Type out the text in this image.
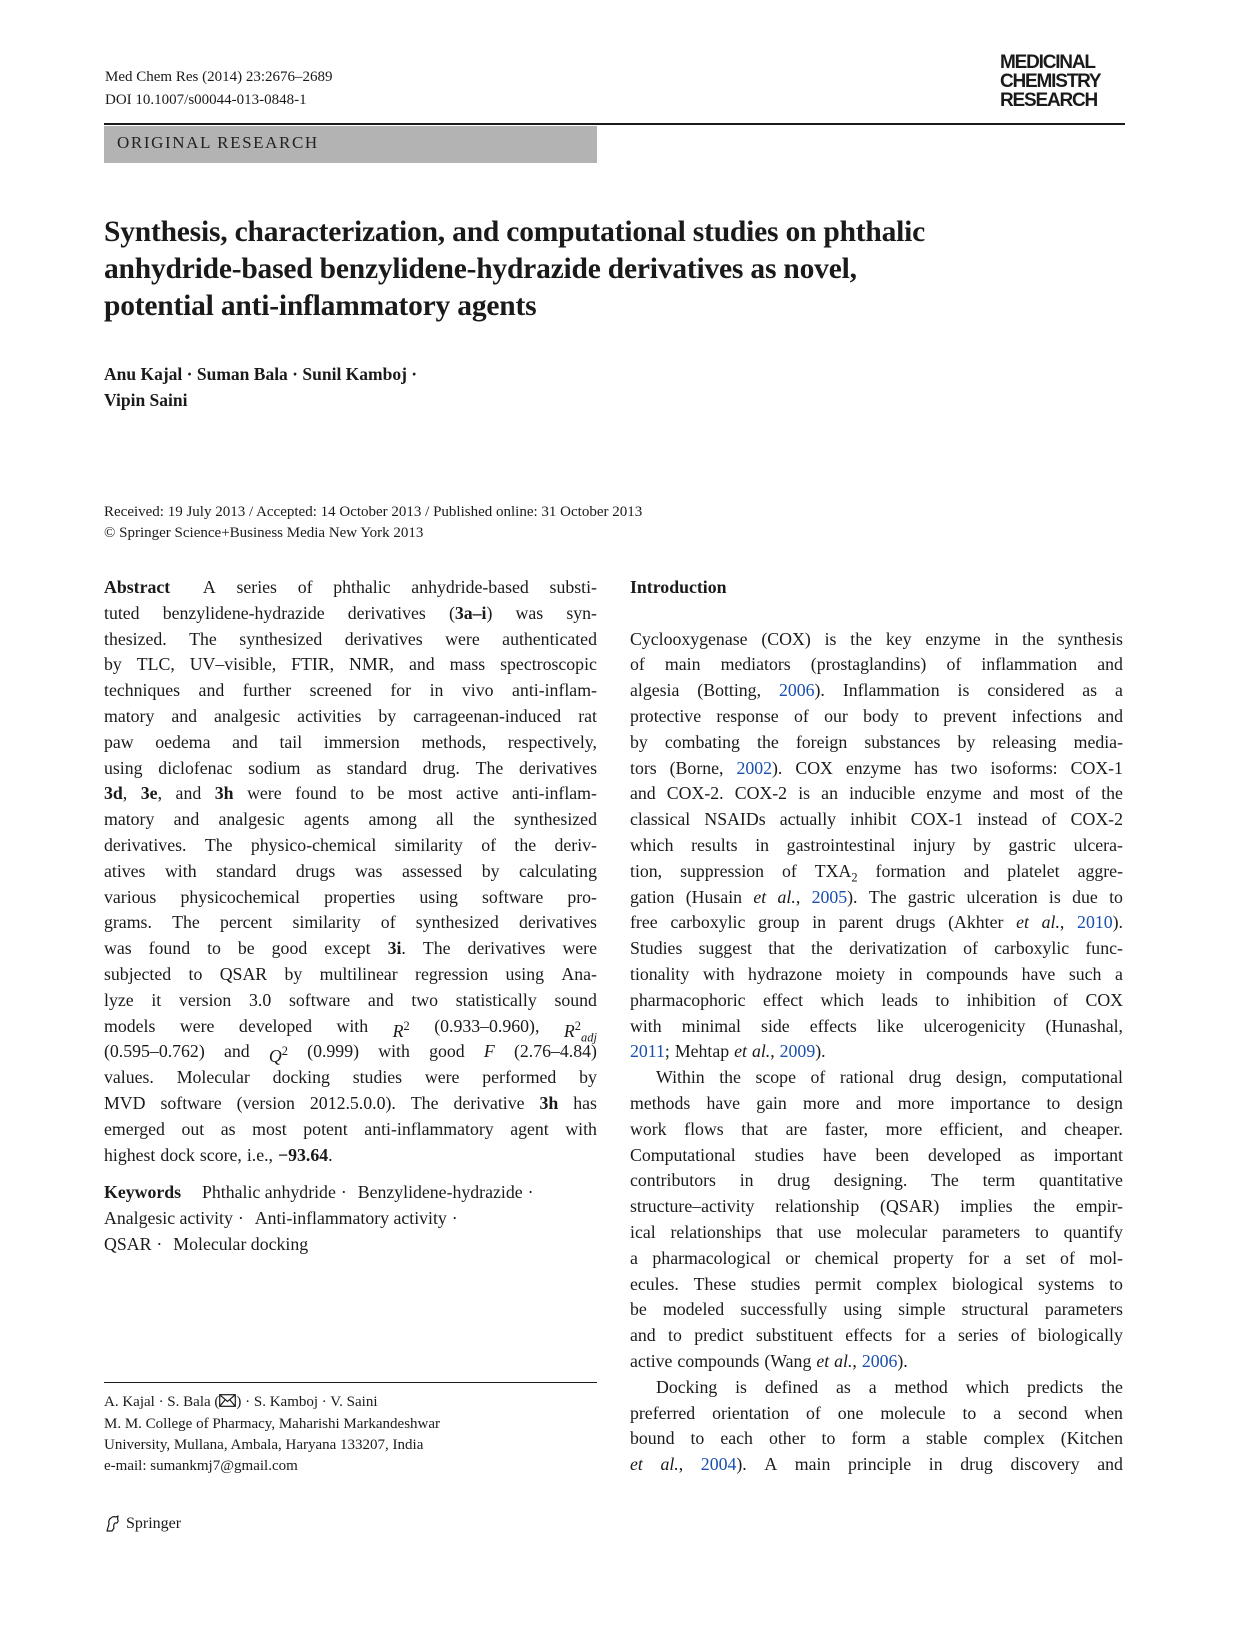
Med Chem Res (2014) 23:2676–2689
DOI 10.1007/s00044-013-0848-1
MEDICINAL
CHEMISTRY
RESEARCH
ORIGINAL RESEARCH
Synthesis, characterization, and computational studies on phthalic
anhydride-based benzylidene-hydrazide derivatives as novel,
potential anti-inflammatory agents
Anu Kajal · Suman Bala · Sunil Kamboj ·
Vipin Saini
Received: 19 July 2013 / Accepted: 14 October 2013 / Published online: 31 October 2013
© Springer Science+Business Media New York 2013
Abstract A series of phthalic anhydride-based substi-
tuted benzylidene-hydrazide derivatives (3a–i) was syn-
thesized. The synthesized derivatives were authenticated
by TLC, UV–visible, FTIR, NMR, and mass spectroscopic
techniques and further screened for in vivo anti-inflam-
matory and analgesic activities by carrageenan-induced rat
paw oedema and tail immersion methods, respectively,
using diclofenac sodium as standard drug. The derivatives
3d, 3e, and 3h were found to be most active anti-inflam-
matory and analgesic agents among all the synthesized
derivatives. The physico-chemical similarity of the deriv-
atives with standard drugs was assessed by calculating
various physicochemical properties using software pro-
grams. The percent similarity of synthesized derivatives
was found to be good except 3i. The derivatives were
subjected to QSAR by multilinear regression using Ana-
lyze it version 3.0 software and two statistically sound
models were developed with $R^2$ (0.933–0.960), $R^2_{adj}$
(0.595–0.762) and $Q^2$ (0.999) with good F (2.76–4.84)
values. Molecular docking studies were performed by
MVD software (version 2012.5.0.0). The derivative 3h has
emerged out as most potent anti-inflammatory agent with
highest dock score, i.e., −93.64.
Keywords Phthalic anhydride · Benzylidene-hydrazide ·
Analgesic activity · Anti-inflammatory activity ·
QSAR · Molecular docking
Introduction
Cyclooxygenase (COX) is the key enzyme in the synthesis
of main mediators (prostaglandins) of inflammation and
algesia (Botting, 2006). Inflammation is considered as a
protective response of our body to prevent infections and
by combating the foreign substances by releasing media-
tors (Borne, 2002). COX enzyme has two isoforms: COX-1
and COX-2. COX-2 is an inducible enzyme and most of the
classical NSAIDs actually inhibit COX-1 instead of COX-2
which results in gastrointestinal injury by gastric ulcera-
tion, suppression of $TXA_2$ formation and platelet aggre-
gation (Husain et al., 2005). The gastric ulceration is due to
free carboxylic group in parent drugs (Akhter et al., 2010).
Studies suggest that the derivatization of carboxylic func-
tionality with hydrazone moiety in compounds have such a
pharmacophoric effect which leads to inhibition of COX
with minimal side effects like ulcerogenicity (Hunashal,
2011; Mehtap et al., 2009).
Within the scope of rational drug design, computational
methods have gain more and more importance to design
work flows that are faster, more efficient, and cheaper.
Computational studies have been developed as important
contributors in drug designing. The term quantitative
structure–activity relationship (QSAR) implies the empir-
ical relationships that use molecular parameters to quantify
a pharmacological or chemical property for a set of mol-
ecules. These studies permit complex biological systems to
be modeled successfully using simple structural parameters
and to predict substituent effects for a series of biologically
active compounds (Wang et al., 2006).
Docking is defined as a method which predicts the
preferred orientation of one molecule to a second when
bound to each other to form a stable complex (Kitchen
et al., 2004). A main principle in drug discovery and
A. Kajal · S. Bala ( ) · S. Kamboj · V. Saini
M. M. College of Pharmacy, Maharishi Markandeshwar
University, Mullana, Ambala, Haryana 133207, India
e-mail: sumankmj7@gmail.com
Springer
